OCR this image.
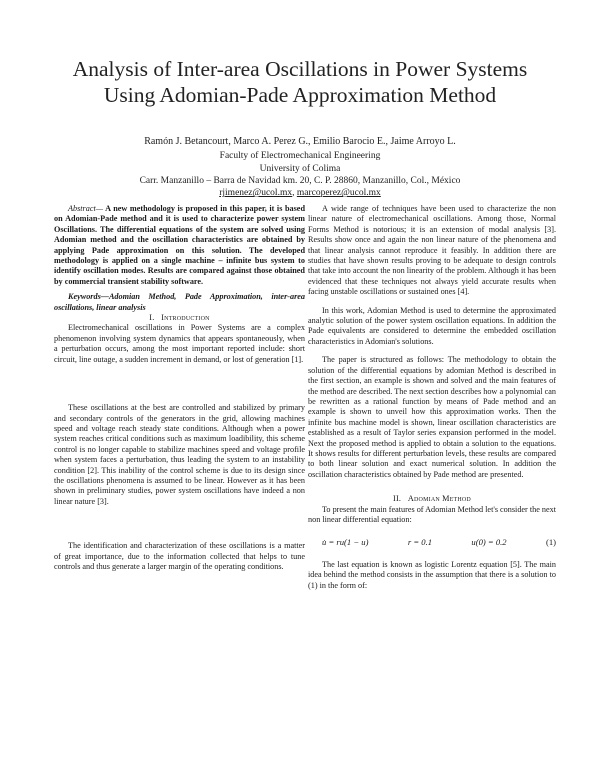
Analysis of Inter-area Oscillations in Power Systems
Using Adomian-Pade Approximation Method
Ramón J. Betancourt, Marco A. Perez G., Emilio Barocio E., Jaime Arroyo L.
Faculty of Electromechanical Engineering
University of Colima
Carr. Manzanillo – Barra de Navidad km. 20, C. P. 28860, Manzanillo, Col., México
rjimenez@ucol.mx, marcoperez@ucol.mx

Abstract— A new methodology is proposed in this paper, it is based on Adomian-Pade method and it is used to characterize power system Oscillations. The differential equations of the system are solved using Adomian method and the oscillation characteristics are obtained by applying Pade approximation on this solution. The developed methodology is applied on a single machine – infinite bus system to identify oscillation modes. Results are compared against those obtained by commercial transient stability software.

Keywords—Adomian Method, Pade Approximation, inter-area oscillations, linear analysis

I. Introduction

Electromechanical oscillations in Power Systems are a complex phenomenon involving system dynamics that appears spontaneously, when a perturbation occurs, among the most important reported include: short circuit, line outage, a sudden increment in demand, or lost of generation [1].

These oscillations at the best are controlled and stabilized by primary and secondary controls of the generators in the grid, allowing machines speed and voltage reach steady state conditions. Although when a power system reaches critical conditions such as maximum loadibility, this scheme control is no longer capable to stabilize machines speed and voltage profile when system faces a perturbation, thus leading the system to an instability condition [2]. This inability of the control scheme is due to its design since the oscillations phenomena is assumed to be linear. However as it has been shown in preliminary studies, power system oscillations have indeed a non linear nature [3].

The identification and characterization of these oscillations is a matter of great importance, due to the information collected that helps to tune controls and thus generate a larger margin of the operating conditions.

A wide range of techniques have been used to characterize the non linear nature of electromechanical oscillations. Among those, Normal Forms Method is notorious; it is an extension of modal analysis [3]. Results show once and again the non linear nature of the phenomena and that linear analysis cannot reproduce it feasibly. In addition there are studies that have shown results proving to be adequate to design controls that take into account the non linearity of the problem. Although it has been evidenced that these techniques not always yield accurate results when facing unstable oscillations or sustained ones [4].

In this work, Adomian Method is used to determine the approximated analytic solution of the power system oscillation equations. In addition the Pade equivalents are considered to determine the embedded oscillation characteristics in Adomian's solutions.

The paper is structured as follows: The methodology to obtain the solution of the differential equations by adomian Method is described in the first section, an example is shown and solved and the main features of the method are described. The next section describes how a polynomial can be rewritten as a rational function by means of Pade method and an example is shown to unveil how this approximation works. Then the infinite bus machine model is shown, linear oscillation characteristics are established as a result of Taylor series expansion performed in the model. Next the proposed method is applied to obtain a solution to the equations. It shows results for different perturbation levels, these results are compared to both linear solution and exact numerical solution. In addition the oscillation characteristics obtained by Pade method are presented.

II. Adomian Method

To present the main features of Adomian Method let's consider the next non linear differential equation:

u̇ = ru(1 − u)	r = 0.1	u(0) = 0.2	(1)

The last equation is known as logistic Lorentz equation [5]. The main idea behind the method consists in the assumption that there is a solution to (1) in the form of:
